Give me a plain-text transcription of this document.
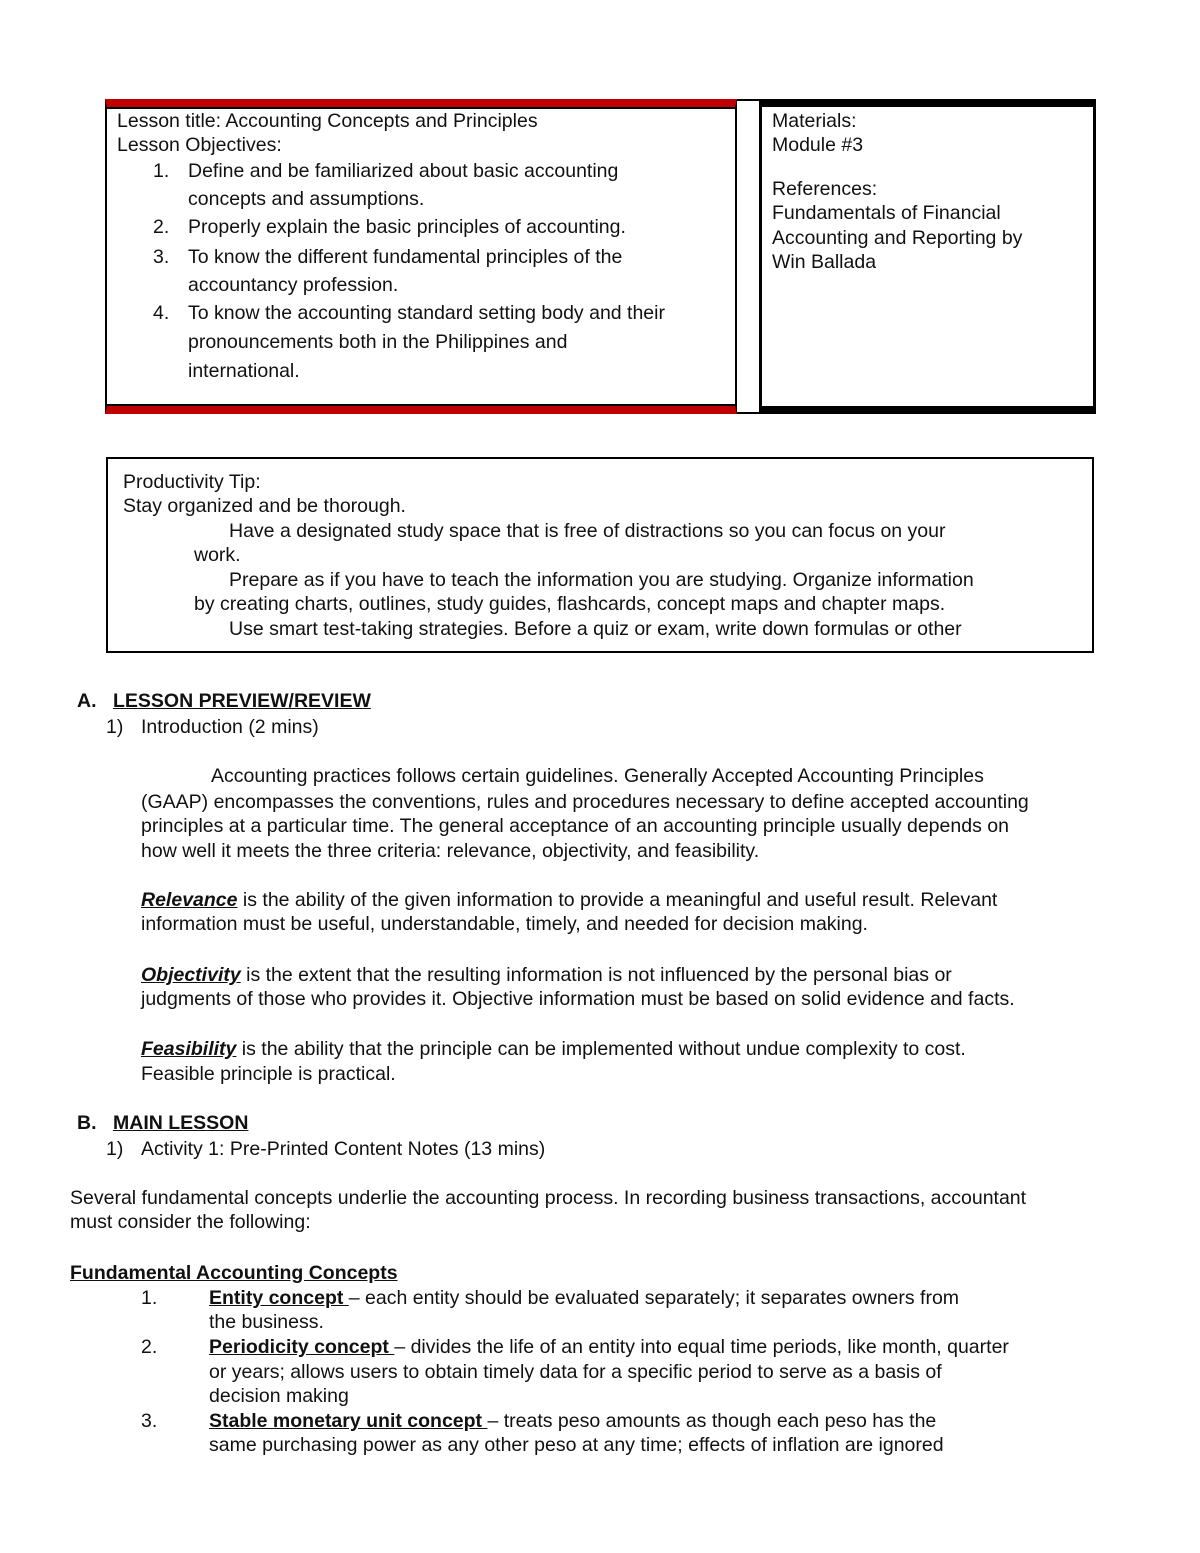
Lesson title: Accounting Concepts and Principles
Lesson Objectives:
1. Define and be familiarized about basic accounting
concepts and assumptions.
2. Properly explain the basic principles of accounting.
3. To know the different fundamental principles of the
accountancy profession.
4. To know the accounting standard setting body and their
pronouncements both in the Philippines and
international.
Materials:
Module #3
References:
Fundamentals of Financial
Accounting and Reporting by
Win Ballada
Productivity Tip:
Stay organized and be thorough.
Have a designated study space that is free of distractions so you can focus on your
work.
Prepare as if you have to teach the information you are studying. Organize information
by creating charts, outlines, study guides, flashcards, concept maps and chapter maps.
Use smart test-taking strategies. Before a quiz or exam, write down formulas or other
A. LESSON PREVIEW/REVIEW
1) Introduction (2 mins)
Accounting practices follows certain guidelines. Generally Accepted Accounting Principles
(GAAP) encompasses the conventions, rules and procedures necessary to define accepted accounting
principles at a particular time. The general acceptance of an accounting principle usually depends on
how well it meets the three criteria: relevance, objectivity, and feasibility.
Relevance is the ability of the given information to provide a meaningful and useful result. Relevant
information must be useful, understandable, timely, and needed for decision making.
Objectivity is the extent that the resulting information is not influenced by the personal bias or
judgments of those who provides it. Objective information must be based on solid evidence and facts.
Feasibility is the ability that the principle can be implemented without undue complexity to cost.
Feasible principle is practical.
B. MAIN LESSON
1) Activity 1: Pre-Printed Content Notes (13 mins)
Several fundamental concepts underlie the accounting process. In recording business transactions, accountant
must consider the following:
Fundamental Accounting Concepts
1.	Entity concept – each entity should be evaluated separately; it separates owners from
the business.
2.	Periodicity concept – divides the life of an entity into equal time periods, like month, quarter
or years; allows users to obtain timely data for a specific period to serve as a basis of
decision making
3.	Stable monetary unit concept – treats peso amounts as though each peso has the
same purchasing power as any other peso at any time; effects of inflation are ignored
